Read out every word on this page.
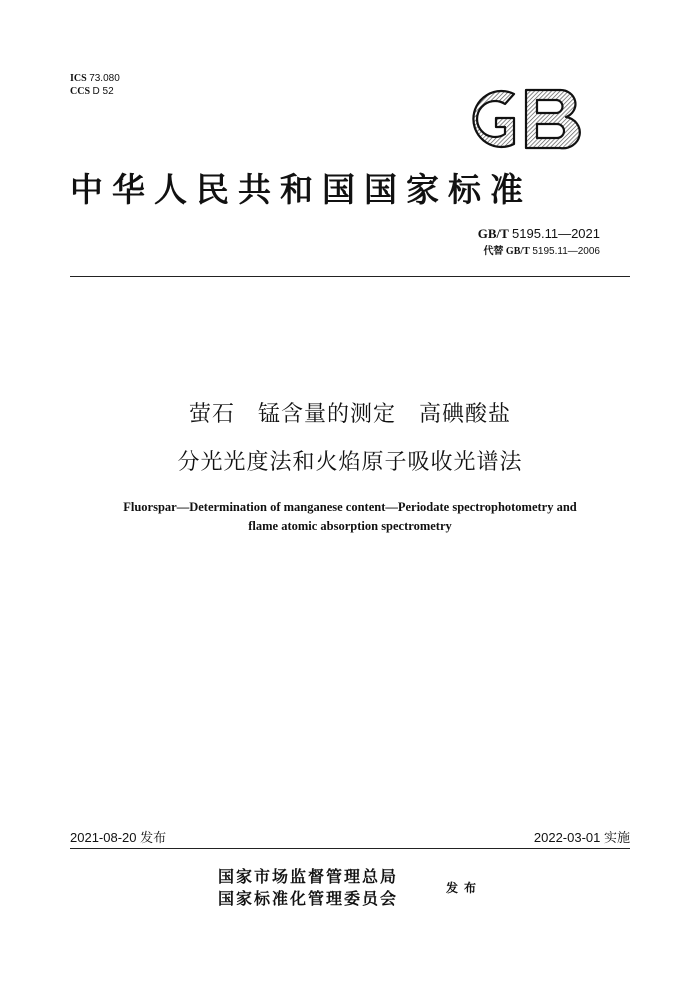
ICS 73.080
CCS D 52
中华人民共和国国家标准
GB/T 5195.11—2021
代替 GB/T 5195.11—2006
萤石　锰含量的测定　高碘酸盐
分光光度法和火焰原子吸收光谱法
Fluorspar—Determination of manganese content—Periodate spectrophotometry and
flame atomic absorption spectrometry
2021-08-20 发布	2022-03-01 实施
国家市场监督管理总局
国家标准化管理委员会
发布
